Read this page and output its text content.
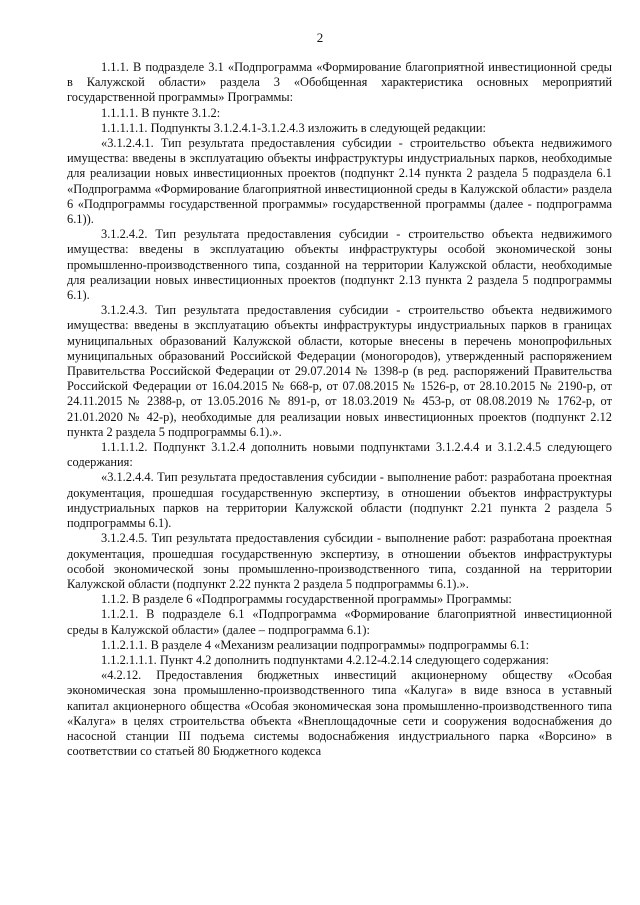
2

1.1.1. В подразделе 3.1 «Подпрограмма «Формирование благоприятной инвестиционной среды в Калужской области» раздела 3 «Обобщенная характеристика основных мероприятий государственной программы» Программы:

1.1.1.1. В пункте 3.1.2:

1.1.1.1.1. Подпункты 3.1.2.4.1-3.1.2.4.3 изложить в следующей редакции:

«3.1.2.4.1. Тип результата предоставления субсидии - строительство объекта недвижимого имущества: введены в эксплуатацию объекты инфраструктуры индустриальных парков, необходимые для реализации новых инвестиционных проектов (подпункт 2.14 пункта 2 раздела 5 подраздела 6.1 «Подпрограмма «Формирование благоприятной инвестиционной среды в Калужской области» раздела 6 «Подпрограммы государственной программы» государственной программы (далее - подпрограмма 6.1)).

3.1.2.4.2. Тип результата предоставления субсидии - строительство объекта недвижимого имущества: введены в эксплуатацию объекты инфраструктуры особой экономической зоны промышленно-производственного типа, созданной на территории Калужской области, необходимые для реализации новых инвестиционных проектов (подпункт 2.13 пункта 2 раздела 5 подпрограммы 6.1).

3.1.2.4.3. Тип результата предоставления субсидии - строительство объекта недвижимого имущества: введены в эксплуатацию объекты инфраструктуры индустриальных парков в границах муниципальных образований Калужской области, которые внесены в перечень монопрофильных муниципальных образований Российской Федерации (моногородов), утвержденный распоряжением Правительства Российской Федерации от 29.07.2014 № 1398-р (в ред. распоряжений Правительства Российской Федерации от 16.04.2015 № 668-р, от 07.08.2015 № 1526-р, от 28.10.2015 № 2190-р, от 24.11.2015 № 2388-р, от 13.05.2016 № 891-р, от 18.03.2019 № 453-р, от 08.08.2019 № 1762-р, от 21.01.2020 № 42-р), необходимые для реализации новых инвестиционных проектов (подпункт 2.12 пункта 2 раздела 5 подпрограммы 6.1).».

1.1.1.1.2. Подпункт 3.1.2.4 дополнить новыми подпунктами 3.1.2.4.4 и 3.1.2.4.5 следующего содержания:

«3.1.2.4.4. Тип результата предоставления субсидии - выполнение работ: разработана проектная документация, прошедшая государственную экспертизу, в отношении объектов инфраструктуры индустриальных парков на территории Калужской области (подпункт 2.21 пункта 2 раздела 5 подпрограммы 6.1).

3.1.2.4.5. Тип результата предоставления субсидии - выполнение работ: разработана проектная документация, прошедшая государственную экспертизу, в отношении объектов инфраструктуры особой экономической зоны промышленно-производственного типа, созданной на территории Калужской области (подпункт 2.22 пункта 2 раздела 5 подпрограммы 6.1).».

1.1.2. В разделе 6 «Подпрограммы государственной программы» Программы:

1.1.2.1. В подразделе 6.1 «Подпрограмма «Формирование благоприятной инвестиционной среды в Калужской области» (далее – подпрограмма 6.1):

1.1.2.1.1. В разделе 4 «Механизм реализации подпрограммы» подпрограммы 6.1:

1.1.2.1.1.1. Пункт 4.2 дополнить подпунктами 4.2.12-4.2.14 следующего содержания:

«4.2.12. Предоставления бюджетных инвестиций акционерному обществу «Особая экономическая зона промышленно-производственного типа «Калуга» в виде взноса в уставный капитал акционерного общества «Особая экономическая зона промышленно-производственного типа «Калуга» в целях строительства объекта «Внеплощадочные сети и сооружения водоснабжения до насосной станции III подъема системы водоснабжения индустриального парка «Ворсино» в соответствии со статьей 80 Бюджетного кодекса
